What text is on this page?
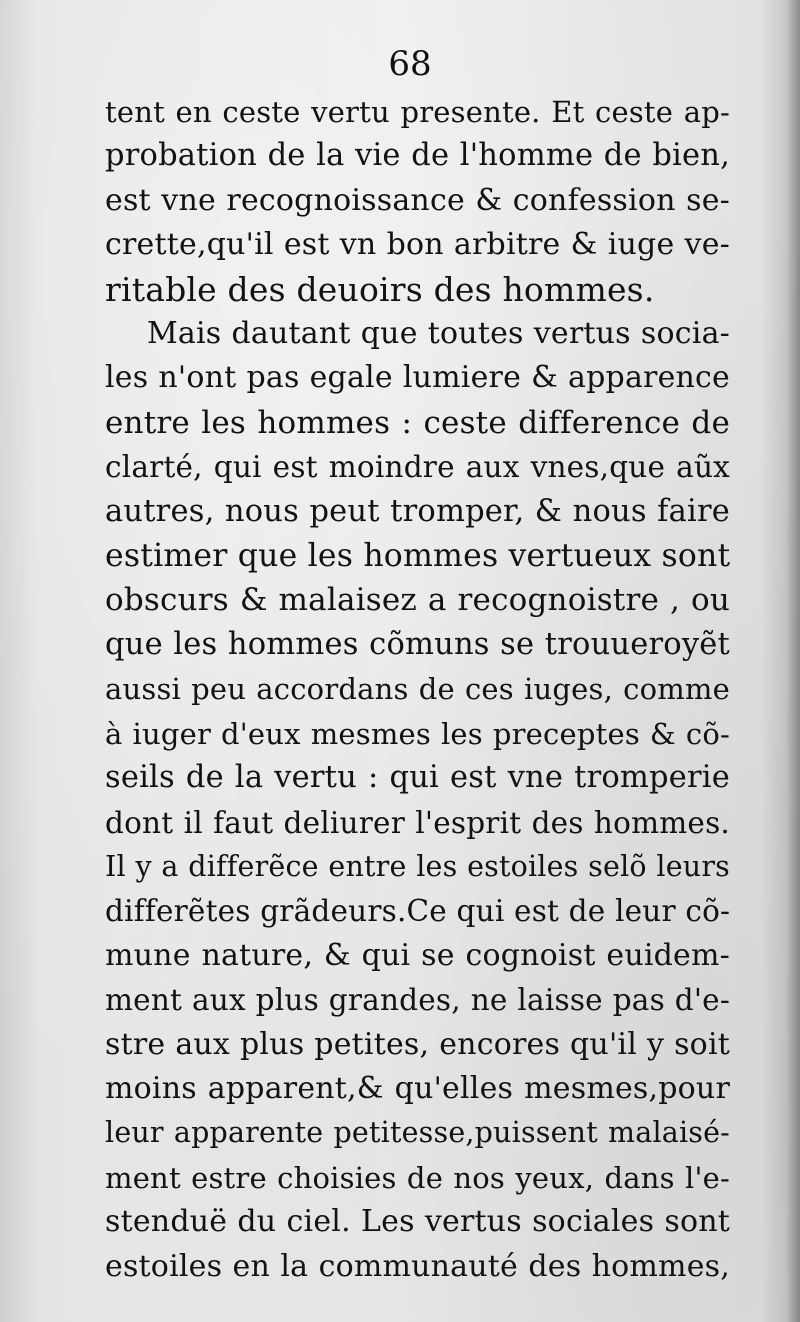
68
tent en ceste vertu presente. Et ceste ap-
probation de la vie de l'homme de bien,
est vne recognoissance & confession se-
crette,qu'il est vn bon arbitre & iuge ve-
ritable des deuoirs des hommes.
Mais dautant que toutes vertus socia-
les n'ont pas egale lumiere & apparence
entre les hommes : ceste difference de
clarté, qui est moindre aux vnes,que aũx
autres, nous peut tromper, & nous faire
estimer que les hommes vertueux sont
obscurs & malaisez a recognoistre , ou
que les hommes cõmuns se trouueroyẽt
aussi peu accordans de ces iuges, comme
à iuger d'eux mesmes les preceptes & cõ-
seils de la vertu : qui est vne tromperie
dont il faut deliurer l'esprit des hommes.
Il y a differẽce entre les estoiles selõ leurs
differẽtes grãdeurs.Ce qui est de leur cõ-
mune nature, & qui se cognoist euidem-
ment aux plus grandes, ne laisse pas d'e-
stre aux plus petites, encores qu'il y soit
moins apparent,& qu'elles mesmes,pour
leur apparente petitesse,puissent malaisé-
ment estre choisies de nos yeux, dans l'e-
stenduë du ciel. Les vertus sociales sont
estoiles en la communauté des hommes,
